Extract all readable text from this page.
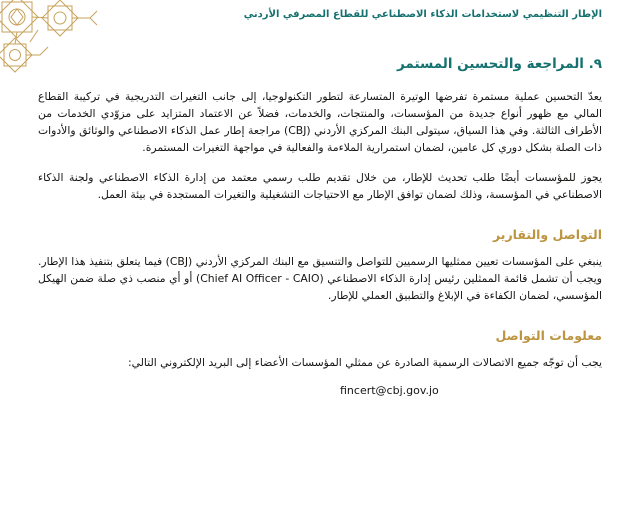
الإطار التنظيمي لاستخدامات الذكاء الاصطناعي للقطاع المصرفي الأردني
٩. المراجعة والتحسين المستمر

يعدّ التحسين عملية مستمرة تفرضها الوتيرة المتسارعة لتطور التكنولوجيا، إلى جانب التغيرات التدريجية في تركيبة القطاع المالي مع ظهور أنواع جديدة من المؤسسات، والمنتجات، والخدمات، فضلاً عن الاعتماد المتزايد على مزوّدي الخدمات من الأطراف الثالثة. وفي هذا السياق، سيتولى البنك المركزي الأردني (CBJ) مراجعة إطار عمل الذكاء الاصطناعي والوثائق والأدوات ذات الصلة بشكل دوري كل عامين، لضمان استمرارية الملاءمة والفعالية في مواجهة التغيرات المستمرة.

يجوز للمؤسسات أيضًا طلب تحديث للإطار، من خلال تقديم طلب رسمي معتمد من إدارة الذكاء الاصطناعي ولجنة الذكاء الاصطناعي في المؤسسة، وذلك لضمان توافق الإطار مع الاحتياجات التشغيلية والتغيرات المستجدة في بيئة العمل.

التواصل والتقارير

ينبغي على المؤسسات تعيين ممثليها الرسميين للتواصل والتنسيق مع البنك المركزي الأردني (CBJ) فيما يتعلق بتنفيذ هذا الإطار. ويجب أن تشمل قائمة الممثلين رئيس إدارة الذكاء الاصطناعي (Chief AI Officer - CAIO) أو أي منصب ذي صلة ضمن الهيكل المؤسسي، لضمان الكفاءة في الإبلاغ والتطبيق العملي للإطار.

معلومات التواصل

يجب أن توجّه جميع الاتصالات الرسمية الصادرة عن ممثلي المؤسسات الأعضاء إلى البريد الإلكتروني التالي:

fincert@cbj.gov.jo
